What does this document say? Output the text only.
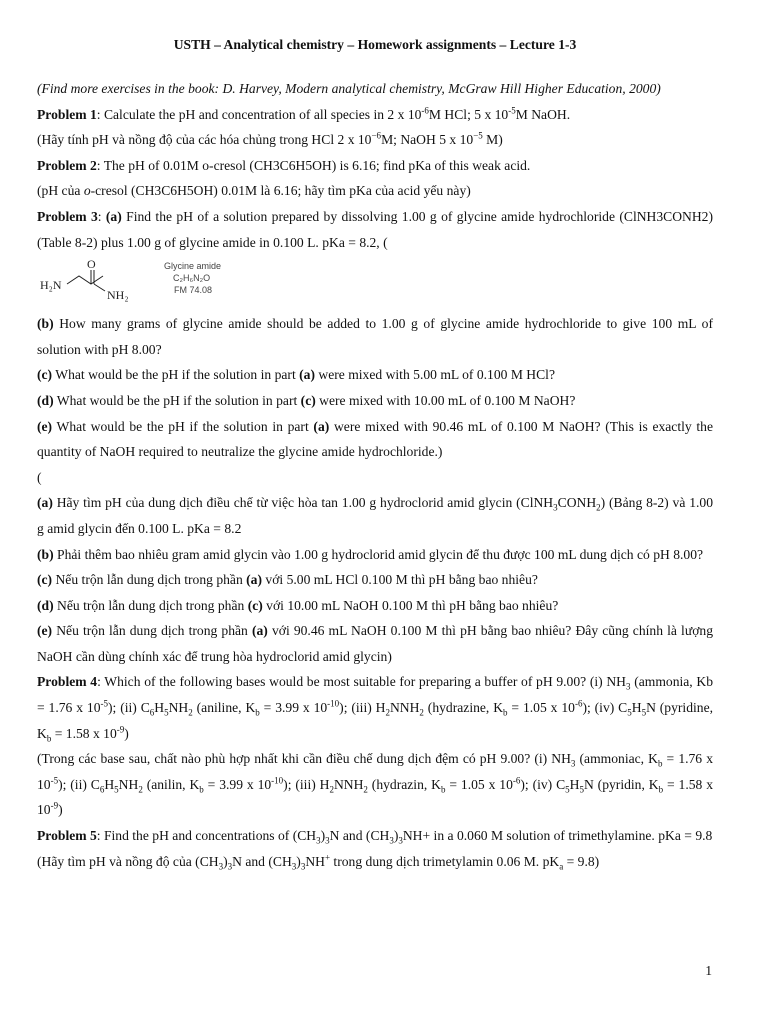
USTH – Analytical chemistry – Homework assignments – Lecture 1-3
(Find more exercises in the book: D. Harvey, Modern analytical chemistry, McGraw Hill Higher Education, 2000)
Problem 1: Calculate the pH and concentration of all species in 2 x $10^{-6}M$ HCl; 5 x $10^{-5}M$ NaOH.
(Hãy tính pH và nồng độ của các hóa chủng trong HCl 2 x $10^{-6}M$; NaOH 5 x $10^{-5}$ M)
Problem 2: The pH of 0.01M o-cresol (CH3C6H5OH) is 6.16; find pKa of this weak acid.
(pH của o-cresol (CH3C6H5OH) 0.01M là 6.16; hãy tìm pKa của acid yếu này)
Problem 3: (a) Find the pH of a solution prepared by dissolving 1.00 g of glycine amide hydrochloride (ClNH3CONH2) (Table 8-2) plus 1.00 g of glycine amide in 0.100 L. pKa = 8.2, (
H₂N
O
NH₂
Glycine amide
C₂H₆N₂O
FM 74.08
(b) How many grams of glycine amide should be added to 1.00 g of glycine amide hydrochloride to give 100 mL of solution with pH 8.00?
(c) What would be the pH if the solution in part (a) were mixed with 5.00 mL of 0.100 M HCl?
(d) What would be the pH if the solution in part (c) were mixed with 10.00 mL of 0.100 M NaOH?
(e) What would be the pH if the solution in part (a) were mixed with 90.46 mL of 0.100 M NaOH? (This is exactly the quantity of NaOH required to neutralize the glycine amide hydrochloride.)
(
(a) Hãy tìm pH của dung dịch điều chế từ việc hòa tan 1.00 g hydroclorid amid glycin $(ClNH_3CONH_2)$ (Bảng 8-2) và 1.00 g amid glycin đến 0.100 L. pKa = 8.2
(b) Phải thêm bao nhiêu gram amid glycin vào 1.00 g hydroclorid amid glycin để thu được 100 mL dung dịch có pH 8.00?
(c) Nếu trộn lẫn dung dịch trong phần (a) với 5.00 mL HCl 0.100 M thì pH bằng bao nhiêu?
(d) Nếu trộn lẫn dung dịch trong phần (c) với 10.00 mL NaOH 0.100 M thì pH bằng bao nhiêu?
(e) Nếu trộn lẫn dung dịch trong phần (a) với 90.46 mL NaOH 0.100 M thì pH bằng bao nhiêu? Đây cũng chính là lượng NaOH cần dùng chính xác để trung hòa hydroclorid amid glycin)
Problem 4: Which of the following bases would be most suitable for preparing a buffer of pH 9.00? (i) $NH_3$ (ammonia, Kb = 1.76 x $10^{-5}$); (ii) $C_6H_5NH_2$ (aniline, $K_b = 3.99$ x $10^{-10}$); (iii) $H_2NNH_2$ (hydrazine, $K_b = 1.05$ x $10^{-6}$); (iv) $C_5H_5N$ (pyridine, $K_b = 1.58$ x $10^{-9}$)
(Trong các base sau, chất nào phù hợp nhất khi cần điều chế dung dịch đệm có pH 9.00? (i) $NH_3$ (ammoniac, $K_b = 1.76$ x $10^{-5}$); (ii) $C_6H_5NH_2$ (anilin, $K_b = 3.99$ x $10^{-10}$); (iii) $H_2NNH_2$ (hydrazin, $K_b = 1.05$ x $10^{-6}$); (iv) $C_5H_5N$ (pyridin, $K_b = 1.58$ x $10^{-9}$)
Problem 5: Find the pH and concentrations of $(CH_3)_3N$ and $(CH_3)_3NH+$ in a 0.060 M solution of trimethylamine. pKa = 9.8
(Hãy tìm pH và nồng độ của $(CH_3)_3N$ and $(CH_3)_3NH^+$ trong dung dịch trimetylamin 0.06 M. $pK_a = 9.8$)
1
